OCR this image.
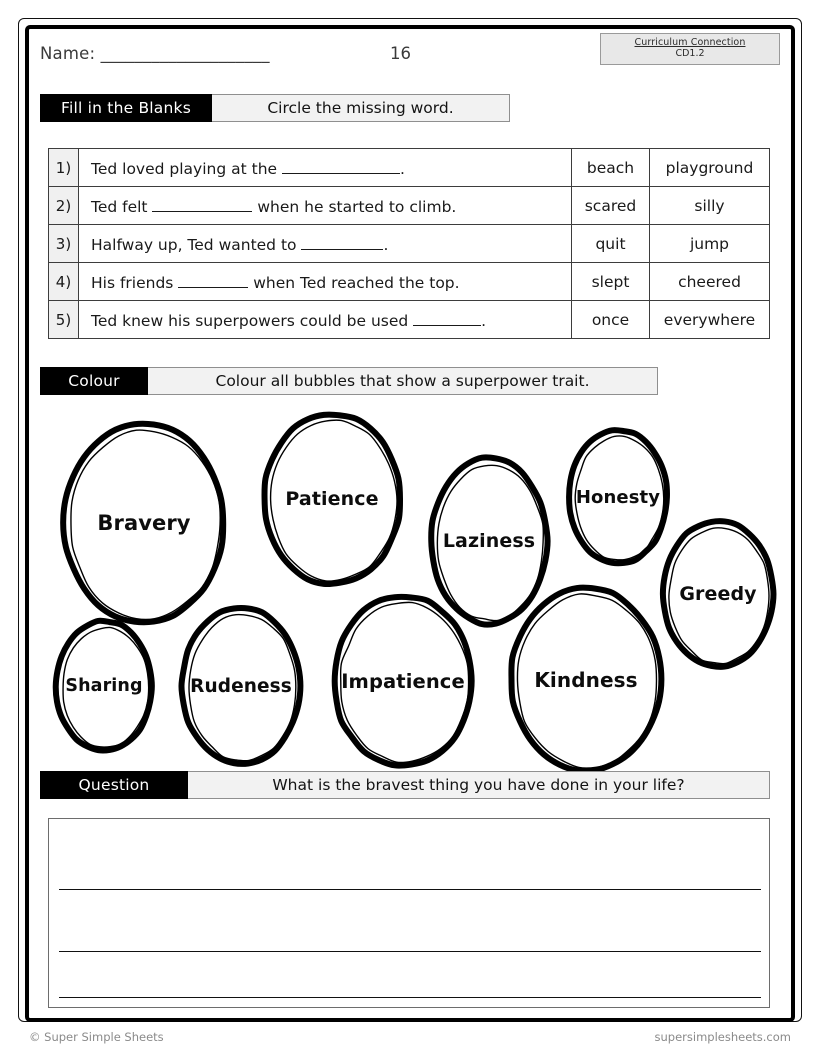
Name: ____________________	16
Curriculum Connection
CD1.2
Fill in the Blanks	Circle the missing word.
1)	Ted loved playing at the .	beach	playground
2)	Ted felt when he started to climb.	scared	silly
3)	Halfway up, Ted wanted to .	quit	jump
4)	His friends when Ted reached the top.	slept	cheered
5)	Ted knew his superpowers could be used .	once	everywhere
Colour	Colour all bubbles that show a superpower trait.
Bravery
Patience
Laziness
Honesty
Greedy
Sharing	Rudeness	Impatience	Kindness
Question	What is the bravest thing you have done in your life?
© Super Simple Sheets	supersimplesheets.com
